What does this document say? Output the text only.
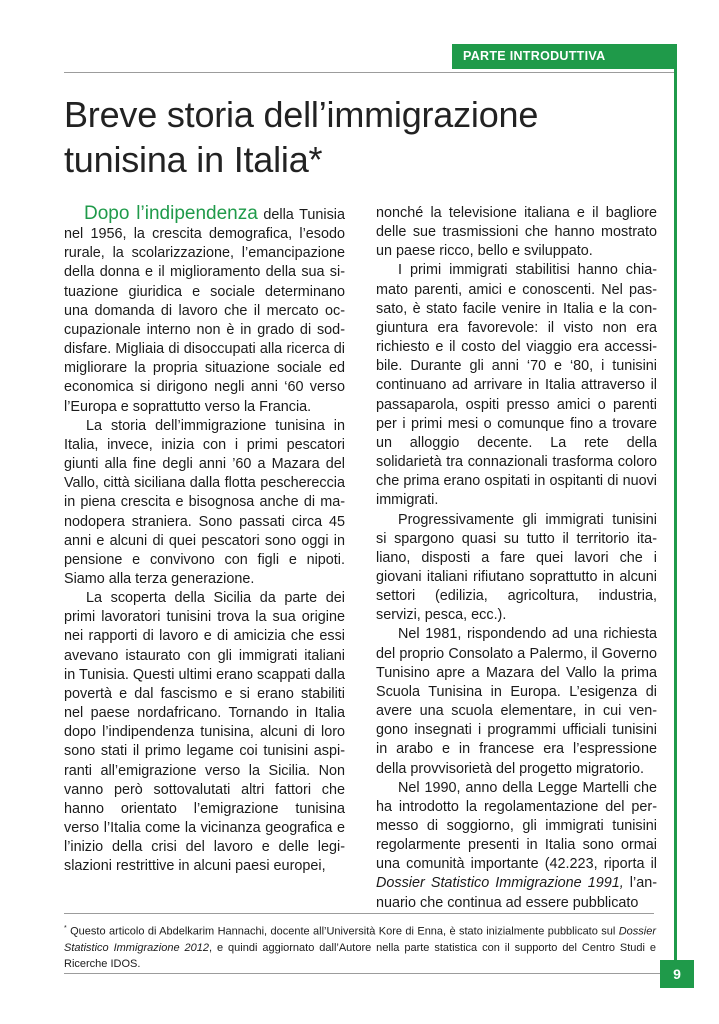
PARTE INTRODUTTIVA
Breve storia dell’immigrazione
tunisina in Italia*

Dopo l’indipendenza della Tunisia nel 1956, la crescita demografica, l’esodo rurale, la scolarizzazione, l’emancipazione della donna e il miglioramento della sua situazione giuridica e sociale determinano una domanda di lavoro che il mercato occupazionale interno non è in grado di soddisfare. Migliaia di disoccupati alla ricerca di migliorare la propria situazione sociale ed economica si dirigono negli anni ‘60 verso l’Europa e soprattutto verso la Francia.

La storia dell’immigrazione tunisina in Italia, invece, inizia con i primi pescatori giunti alla fine degli anni ’60 a Mazara del Vallo, città siciliana dalla flotta peschereccia in piena crescita e bisognosa anche di manodopera straniera. Sono passati circa 45 anni e alcuni di quei pescatori sono oggi in pensione e convivono con figli e nipoti. Siamo alla terza generazione.

La scoperta della Sicilia da parte dei primi lavoratori tunisini trova la sua origine nei rapporti di lavoro e di amicizia che essi avevano istaurato con gli immigrati italiani in Tunisia. Questi ultimi erano scappati dalla povertà e dal fascismo e si erano stabiliti nel paese nordafricano. Tornando in Italia dopo l’indipendenza tunisina, alcuni di loro sono stati il primo legame coi tunisini aspiranti all’emigrazione verso la Sicilia. Non vanno però sottovalutati altri fattori che hanno orientato l’emigrazione tunisina verso l’Italia come la vicinanza geografica e l’inizio della crisi del lavoro e delle legislazioni restrittive in alcuni paesi europei,

nonché la televisione italiana e il bagliore delle sue trasmissioni che hanno mostrato un paese ricco, bello e sviluppato.

I primi immigrati stabilitisi hanno chiamato parenti, amici e conoscenti. Nel passato, è stato facile venire in Italia e la congiuntura era favorevole: il visto non era richiesto e il costo del viaggio era accessibile. Durante gli anni ‘70 e ‘80, i tunisini continuano ad arrivare in Italia attraverso il passaparola, ospiti presso amici o parenti per i primi mesi o comunque fino a trovare un alloggio decente. La rete della solidarietà tra connazionali trasforma coloro che prima erano ospitati in ospitanti di nuovi immigrati.

Progressivamente gli immigrati tunisini si spargono quasi su tutto il territorio italiano, disposti a fare quei lavori che i giovani italiani rifiutano soprattutto in alcuni settori (edilizia, agricoltura, industria, servizi, pesca, ecc.).

Nel 1981, rispondendo ad una richiesta del proprio Consolato a Palermo, il Governo Tunisino apre a Mazara del Vallo la prima Scuola Tunisina in Europa. L’esigenza di avere una scuola elementare, in cui vengono insegnati i programmi ufficiali tunisini in arabo e in francese era l’espressione della provvisorietà del progetto migratorio.

Nel 1990, anno della Legge Martelli che ha introdotto la regolamentazione del permesso di soggiorno, gli immigrati tunisini regolarmente presenti in Italia sono ormai una comunità importante (42.223, riporta il Dossier Statistico Immigrazione 1991, l’annuario che continua ad essere pubblicato

* Questo articolo di Abdelkarim Hannachi, docente all’Università Kore di Enna, è stato inizialmente pubblicato sul Dossier Statistico Immigrazione 2012, e quindi aggiornato dall’Autore nella parte statistica con il supporto del Centro Studi e Ricerche IDOS.

9
